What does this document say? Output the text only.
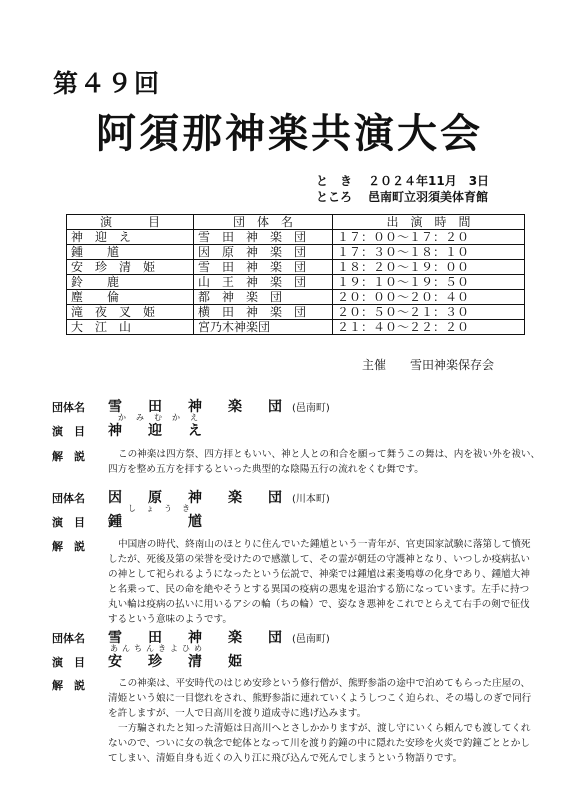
第４９回
阿須那神楽共演大会
と　き ２０２４年11月　3日
ところ 邑南町立羽須美体育館
演　　　目	団　体　名	出　演　時　間
神　迎　え	雪　田　神　楽　団	１７：００～１７：２０
鍾　　馗	因　原　神　楽　団	１７：３０～１８：１０
安　珍　清　姫	雪　田　神　楽　団	１８：２０～１９：００
鈴　　鹿	山　王　神　楽　団	１９：１０～１９：５０
塵　　倫	都　神　楽　団	２０：００～２０：４０
滝　夜　叉　姫	横　田　神　楽　団	２０：５０～２１：３０
大　江　山	宮乃木神楽団	２１：４０～２２：２０
主催　　雪田神楽保存会
団体名 雪　田　神　楽　団 (邑南町)
かみむかえ
演　目 神　迎　え
解　説	この神楽は四方祭、四方拝ともいい、神と人との和合を願って舞うこの舞は、内を祓い外を祓い、
四方を整め五方を拝するといった典型的な陰陽五行の流れをくむ舞です。
団体名 因　原　神　楽　団 (川本町)
しょうき
演　目 鍾　　　馗
解　説	中国唐の時代、終南山のほとりに住んでいた鍾馗という一青年が、官吏国家試験に落第して憤死
したが、死後及第の栄誉を受けたので感激して、その霊が朝廷の守護神となり、いつしか疫病払い
の神として祀られるようになったという伝説で、神楽では鍾馗は素戔嗚尊の化身であり、鍾馗大神
と名乗って、民の命を絶やそうとする異国の疫病の悪鬼を退治する筋になっています。左手に持つ
丸い輪は疫病の払いに用いるアシの輪（ちの輪）で、姿なき悪神をこれでとらえて右手の剣で征伐
するという意味のようです。
団体名 雪　田　神　楽　団 (邑南町)
あんちんきよひめ
演　目 安　珍　清　姫
解　説	この神楽は、平安時代のはじめ安珍という修行僧が、熊野参詣の途中で泊めてもらった庄屋の、
清姫という娘に一目惚れをされ、熊野参詣に連れていくようしつこく迫られ、その場しのぎで同行
を許しますが、一人で日高川を渡り道成寺に逃げ込みます。
一方騙されたと知った清姫は日高川へとさしかかりますが、渡し守にいくら頼んでも渡してくれ
ないので、ついに女の執念で蛇体となって川を渡り釣鐘の中に隠れた安珍を火炎で釣鐘ごととかし
てしまい、清姫自身も近くの入り江に飛び込んで死んでしまうという物語りです。
